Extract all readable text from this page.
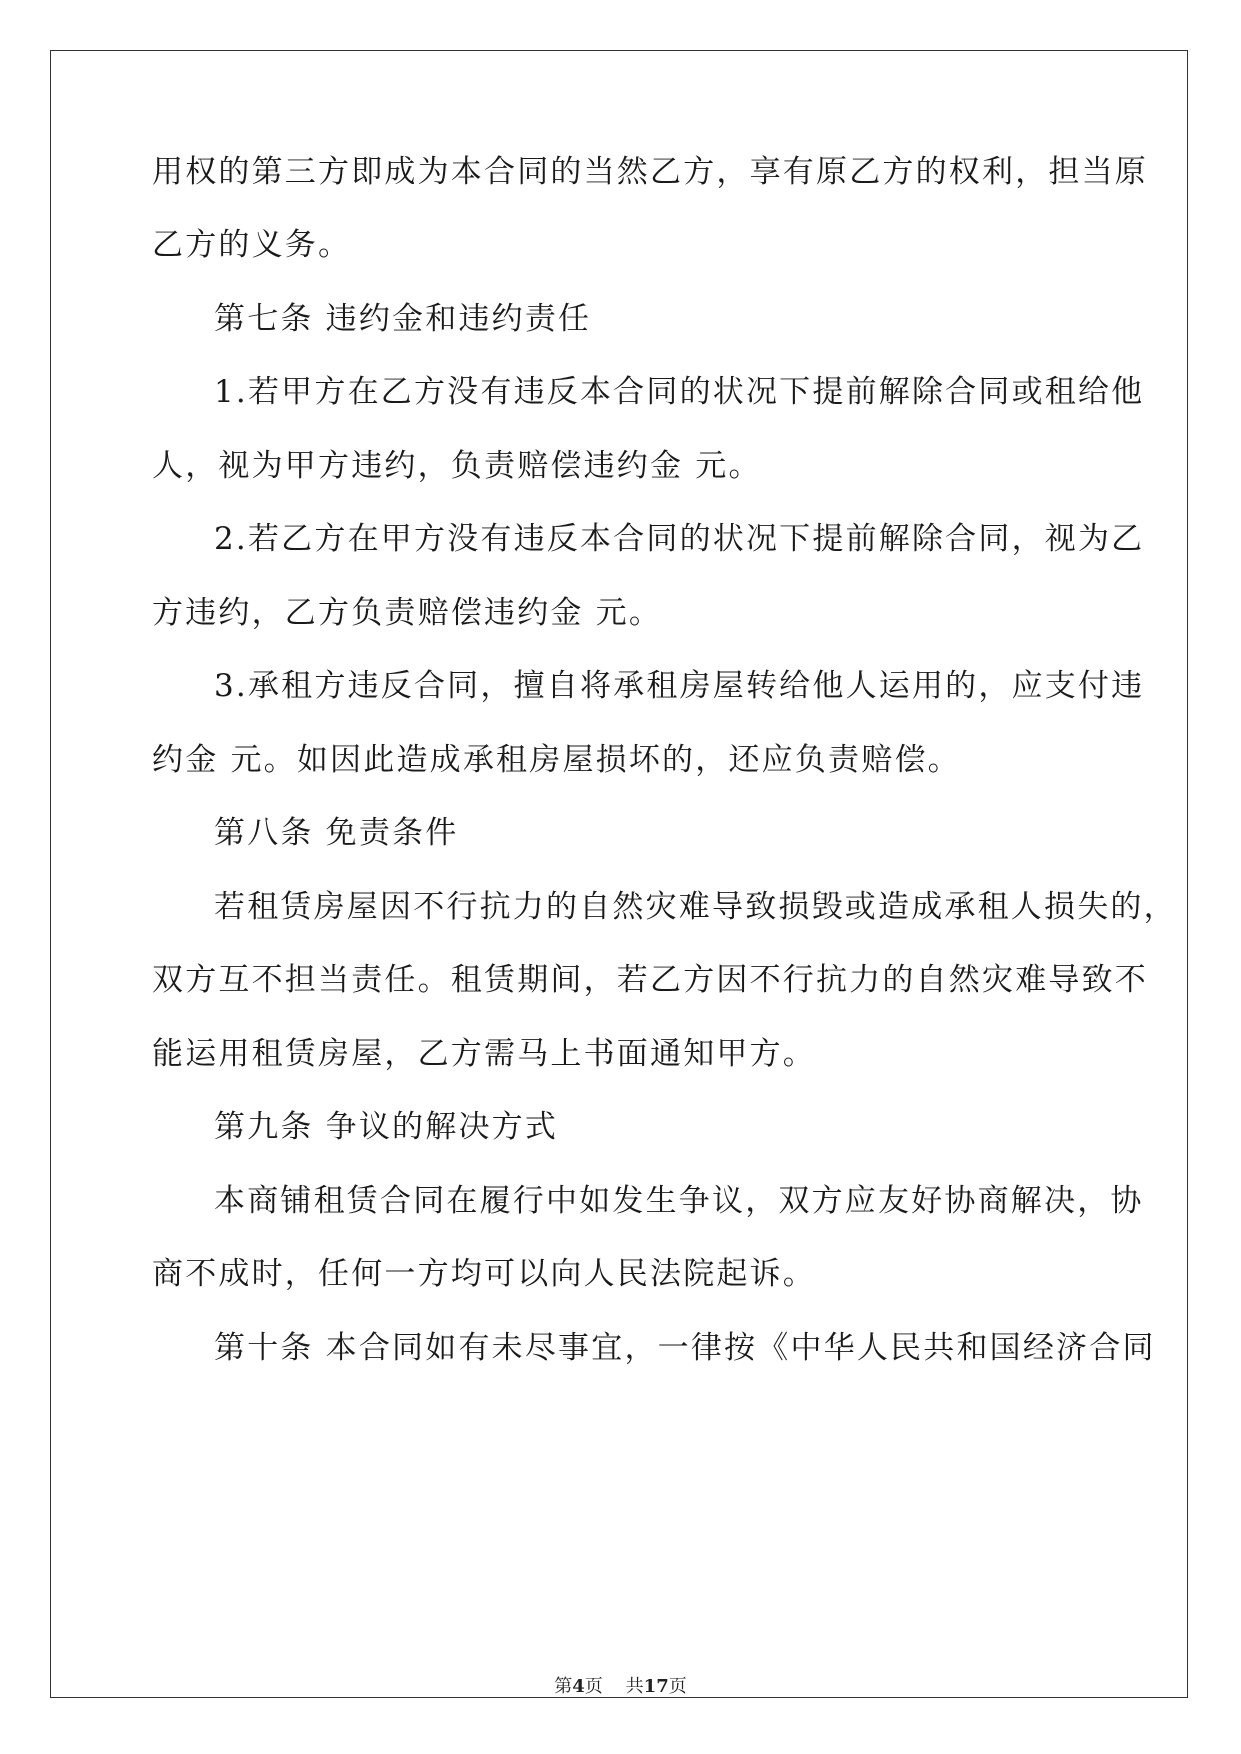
用权的第三方即成为本合同的当然乙方，享有原乙方的权利，担当原
乙方的义务。
第七条 违约金和违约责任
1.若甲方在乙方没有违反本合同的状况下提前解除合同或租给他
人，视为甲方违约，负责赔偿违约金 元。
2.若乙方在甲方没有违反本合同的状况下提前解除合同，视为乙
方违约，乙方负责赔偿违约金 元。
3.承租方违反合同，擅自将承租房屋转给他人运用的，应支付违
约金 元。如因此造成承租房屋损坏的，还应负责赔偿。
第八条 免责条件
若租赁房屋因不行抗力的自然灾难导致损毁或造成承租人损失的，
双方互不担当责任。租赁期间，若乙方因不行抗力的自然灾难导致不
能运用租赁房屋，乙方需马上书面通知甲方。
第九条 争议的解决方式
本商铺租赁合同在履行中如发生争议，双方应友好协商解决，协
商不成时，任何一方均可以向人民法院起诉。
第十条 本合同如有未尽事宜，一律按《中华人民共和国经济合同
第4页 共17页
